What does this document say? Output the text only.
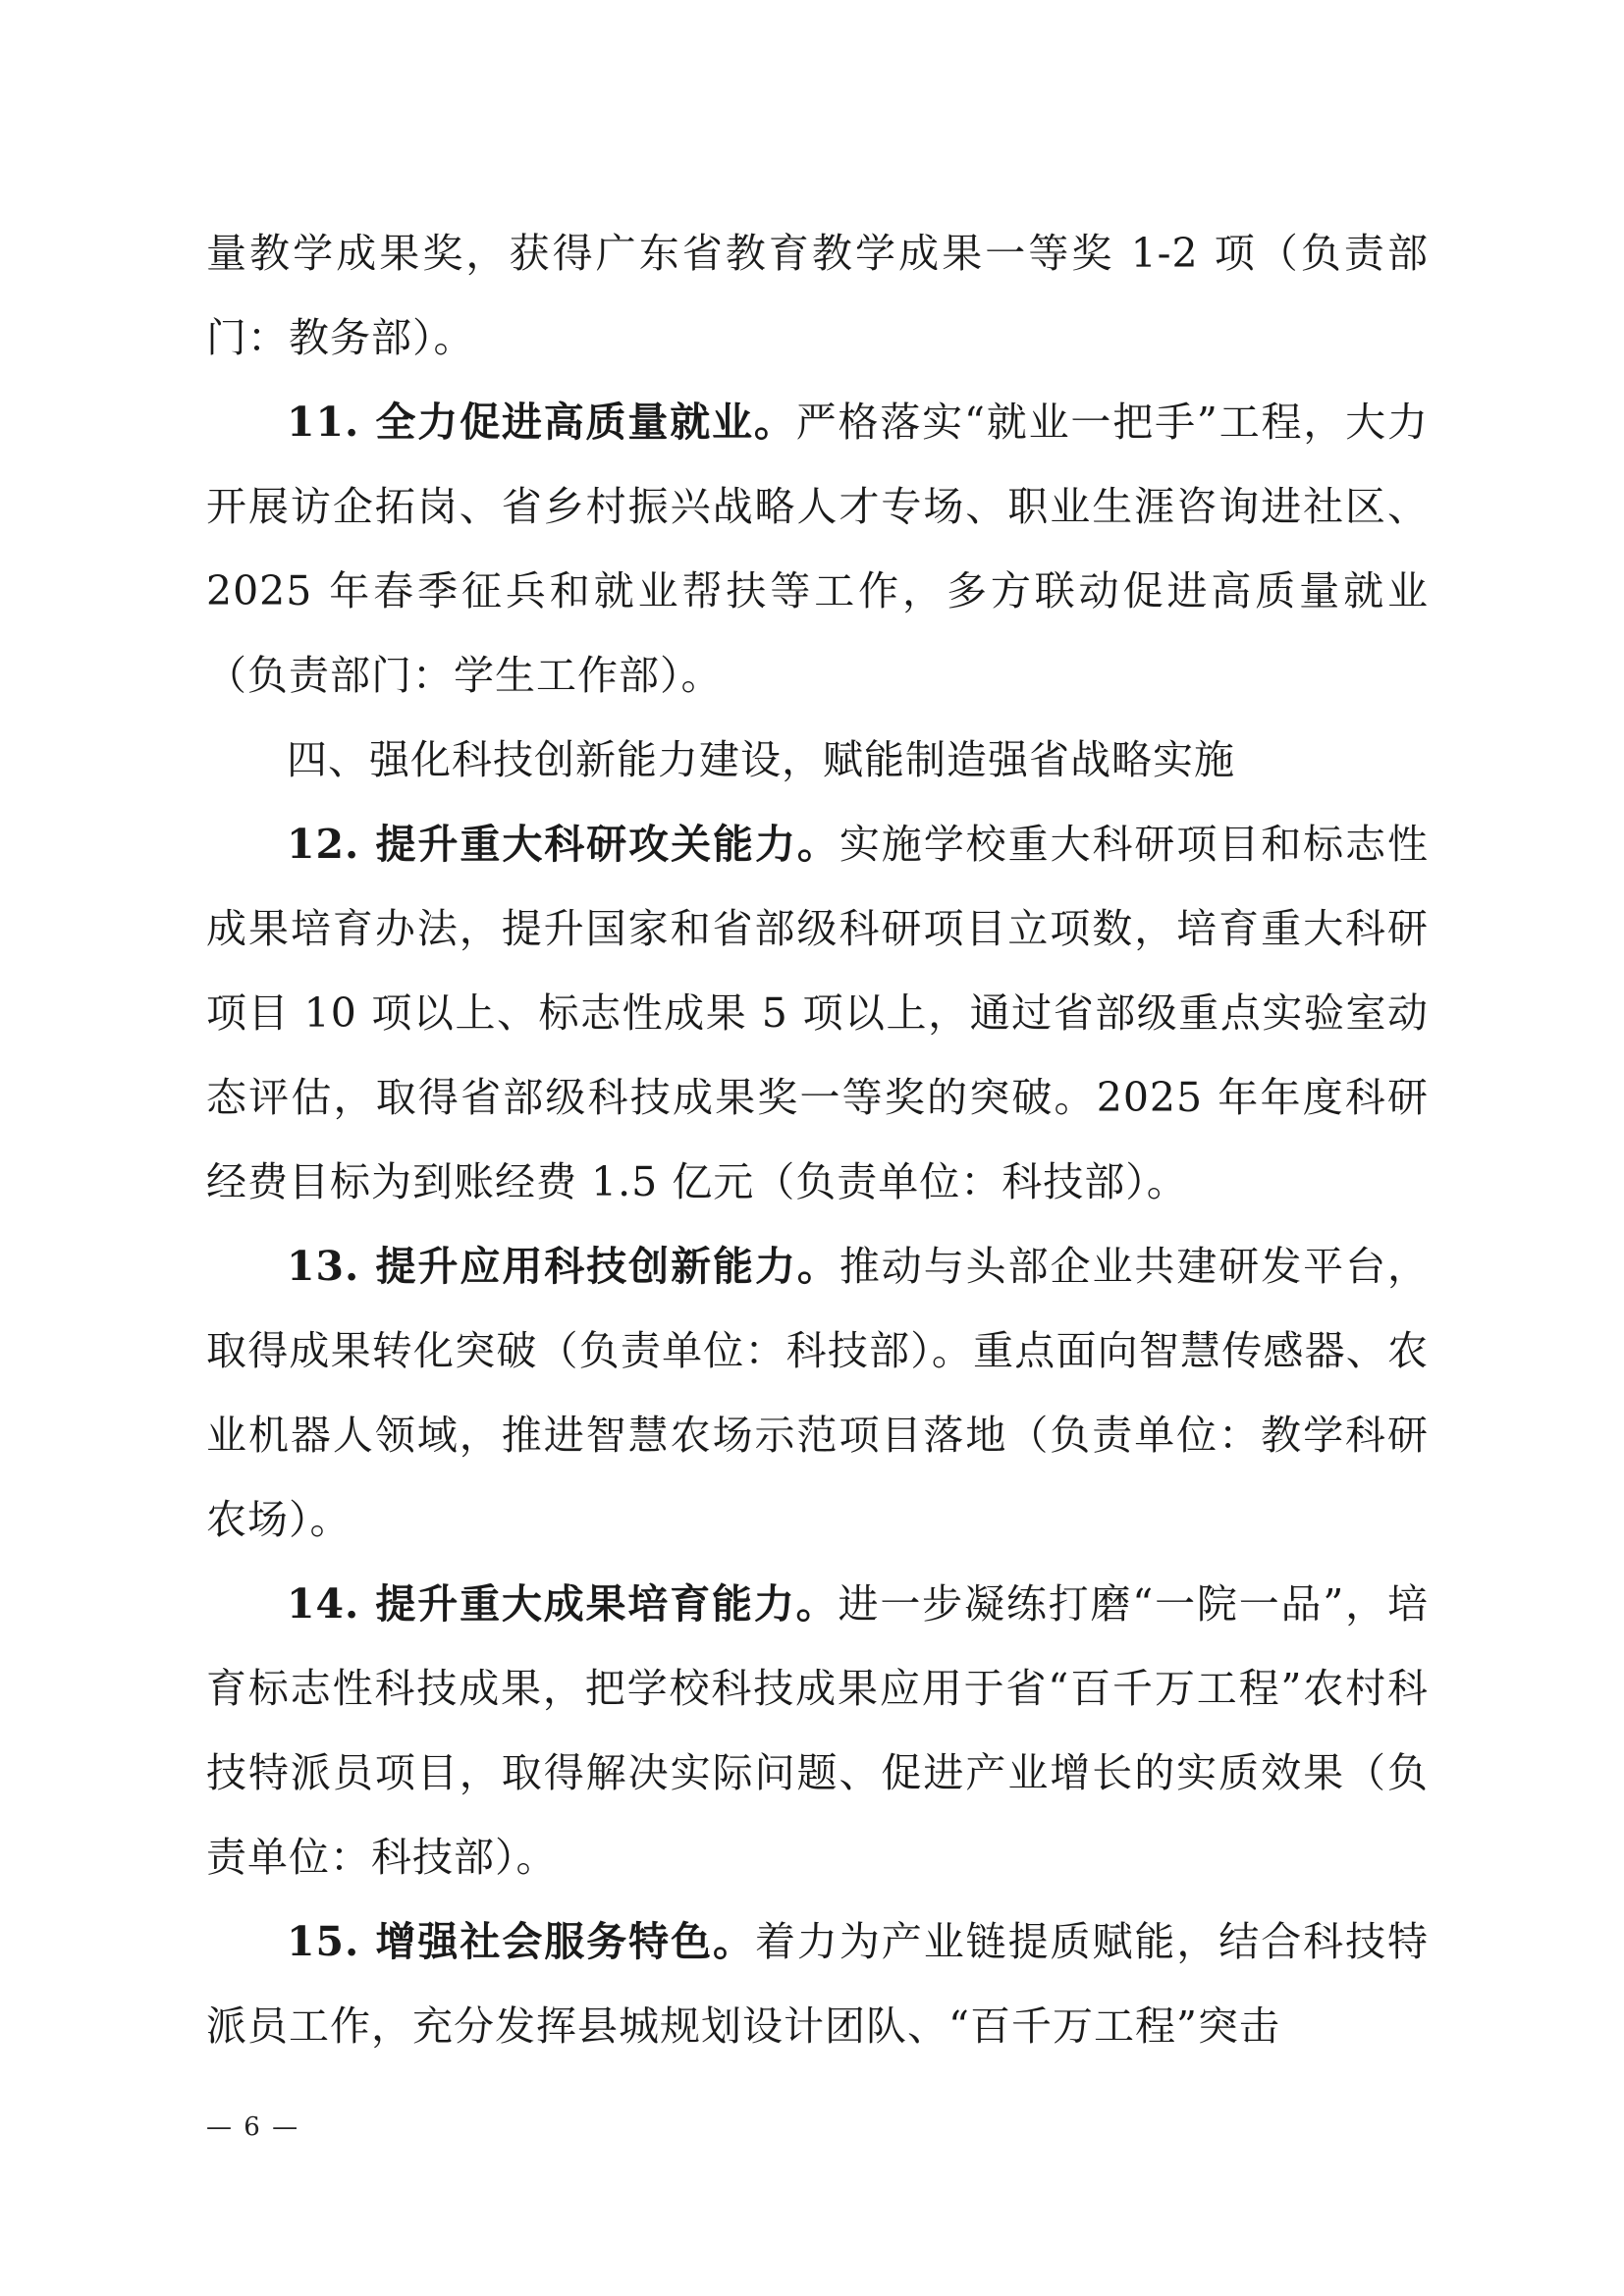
量教学成果奖，获得广东省教育教学成果一等奖 1-2 项（负责部门：教务部）。

11. 全力促进高质量就业。严格落实“就业一把手”工程，大力开展访企拓岗、省乡村振兴战略人才专场、职业生涯咨询进社区、2025 年春季征兵和就业帮扶等工作，多方联动促进高质量就业（负责部门：学生工作部）。

四、强化科技创新能力建设，赋能制造强省战略实施

12. 提升重大科研攻关能力。实施学校重大科研项目和标志性成果培育办法，提升国家和省部级科研项目立项数，培育重大科研项目 10 项以上、标志性成果 5 项以上，通过省部级重点实验室动态评估，取得省部级科技成果奖一等奖的突破。2025 年年度科研经费目标为到账经费 1.5 亿元（负责单位：科技部）。

13. 提升应用科技创新能力。推动与头部企业共建研发平台，取得成果转化突破（负责单位：科技部）。重点面向智慧传感器、农业机器人领域，推进智慧农场示范项目落地（负责单位：教学科研农场）。

14. 提升重大成果培育能力。进一步凝练打磨“一院一品”，培育标志性科技成果，把学校科技成果应用于省“百千万工程”农村科技特派员项目，取得解决实际问题、促进产业增长的实质效果（负责单位：科技部）。

15. 增强社会服务特色。着力为产业链提质赋能，结合科技特派员工作，充分发挥县城规划设计团队、“百千万工程”突击

— 6 —
